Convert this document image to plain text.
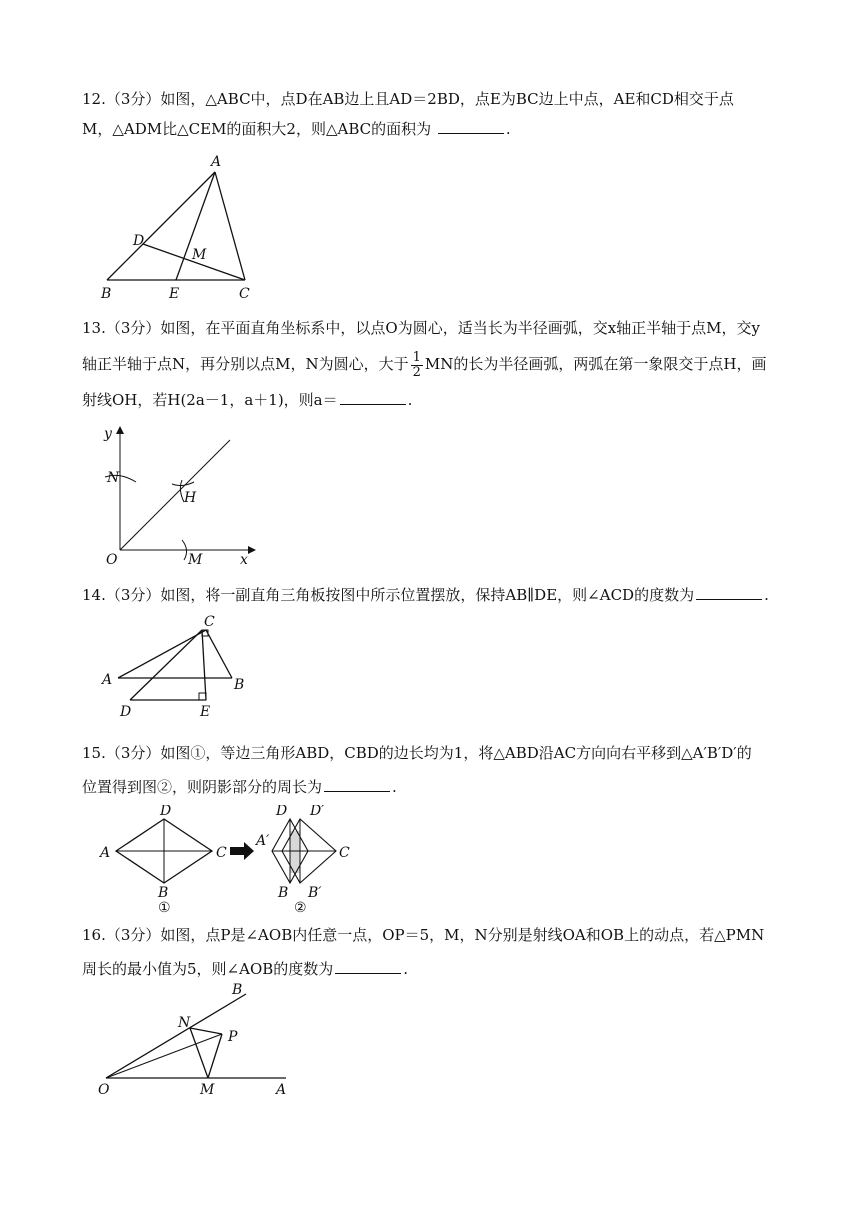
12.（3分）如图，△ABC中，点D在AB边上且AD＝2BD，点E为BC边上中点，AE和CD相交于点
M，△ADM比△CEM的面积大2，则△ABC的面积为	.
A
D
M
B	E	C
13.（3分）如图，在平面直角坐标系中，以点O为圆心，适当长为半径画弧，交x轴正半轴于点M，交y
轴正半轴于点N，再分别以点M，N为圆心，大于 $\frac{1}{2}$ MN的长为半径画弧，两弧在第一象限交于点H，画
射线OH，若H(2a－1，a＋1)，则a＝	.
y
N
H
O	M	x
14.（3分）如图，将一副直角三角板按图中所示位置摆放，保持AB∥DE，则∠ACD的度数为	.
C
A	B
D	E
15.（3分）如图①，等边三角形ABD，CBD的边长均为1，将△ABD沿AC方向向右平移到△A′B′D′的
位置得到图②，则阴影部分的周长为	.
D
A	C
B
①
D D′
A′
C
B B′
②
16.（3分）如图，点P是∠AOB内任意一点，OP＝5，M，N分别是射线OA和OB上的动点，若△PMN
周长的最小值为5，则∠AOB的度数为	.
B
N
P
O	M	A
